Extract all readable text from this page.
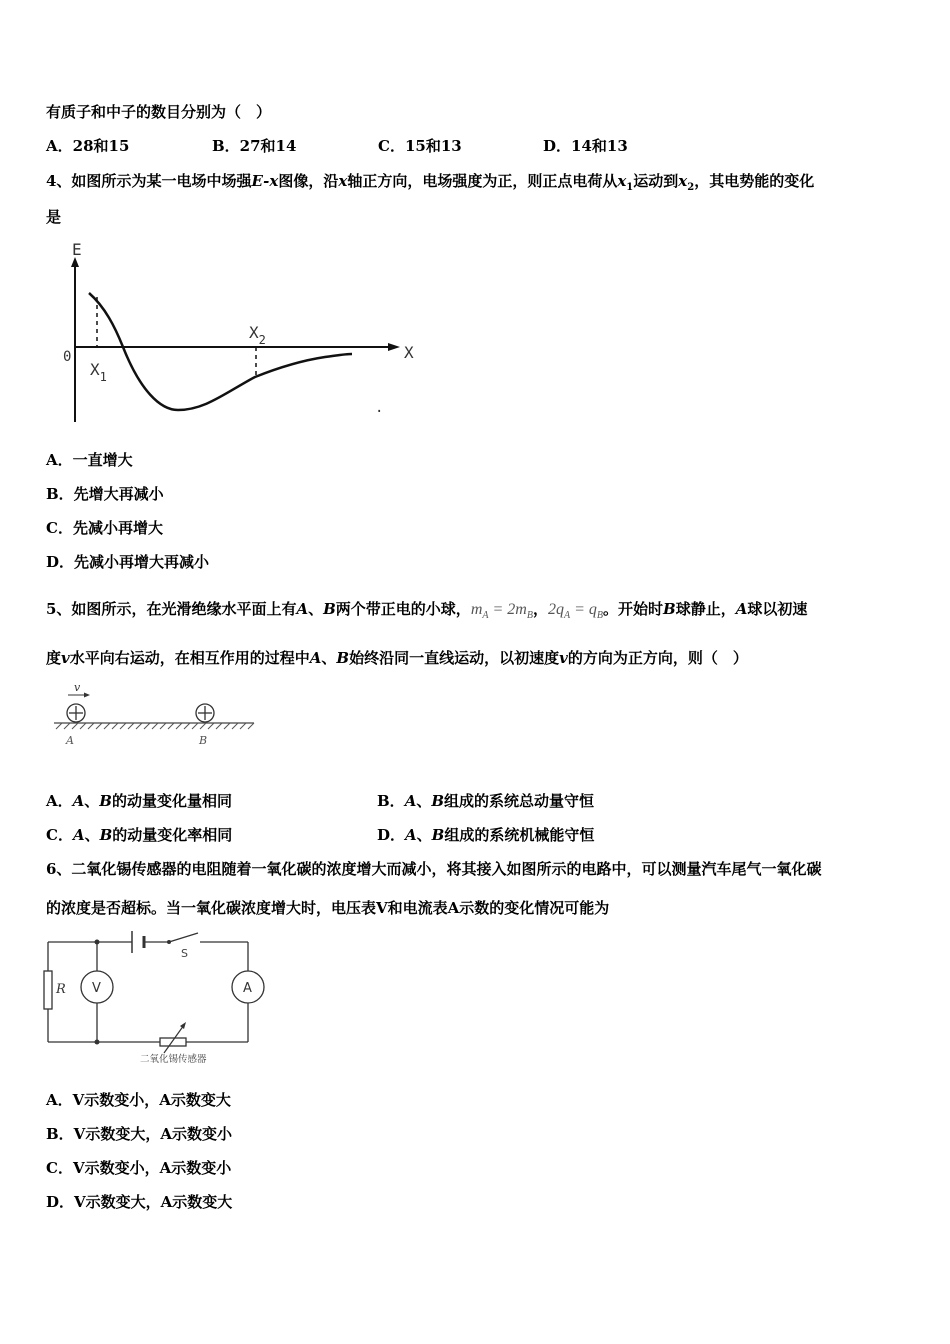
有质子和中子的数目分别为（　）
A．28和15	B．27和14	C．15和13	D．14和13
4、如图所示为某一电场中场强E-x图像，沿x轴正方向，电场强度为正，则正点电荷从$x_1$运动到$x_2$，其电势能的变化
是
E
X
0
$X_1$
$X_2$
.
A．一直增大
B．先增大再减小
C．先减小再增大
D．先减小再增大再减小
5、如图所示，在光滑绝缘水平面上有A、B两个带正电的小球，$m_A = 2m_B$，$2q_A = q_B$。开始时B球静止，A球以初速
度v水平向右运动，在相互作用的过程中A、B始终沿同一直线运动，以初速度v的方向为正方向，则（　）
v
A	B
A．A、B的动量变化量相同	B．A、B组成的系统总动量守恒
C．A、B的动量变化率相同	D．A、B组成的系统机械能守恒
6、二氧化锡传感器的电阻随着一氧化碳的浓度增大而减小，将其接入如图所示的电路中，可以测量汽车尾气一氧化碳
的浓度是否超标。当一氧化碳浓度增大时，电压表V和电流表A示数的变化情况可能为
S
R V	A
二氧化锡传感器
A．V示数变小，A示数变大
B．V示数变大，A示数变小
C．V示数变小，A示数变小
D．V示数变大，A示数变大
